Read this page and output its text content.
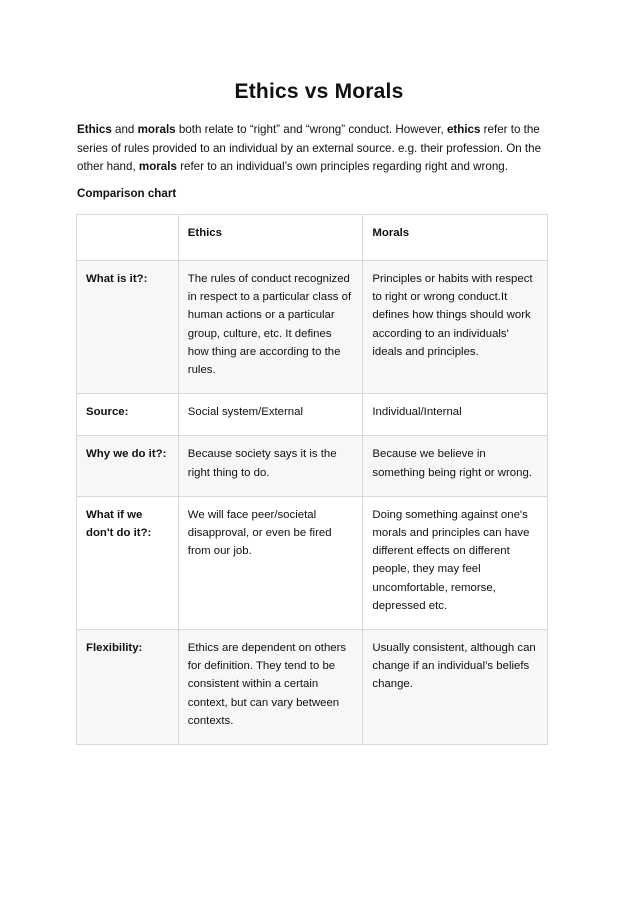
Ethics vs Morals
Ethics and morals both relate to “right” and “wrong” conduct. However, ethics refer to the series of rules provided to an individual by an external source. e.g. their profession. On the other hand, morals refer to an individual’s own principles regarding right and wrong.
Comparison chart
	Ethics	Morals
What is it?:	The rules of conduct recognized in respect to a particular class of human actions or a particular group, culture, etc. It defines how thing are according to the rules.	Principles or habits with respect to right or wrong conduct.It defines how things should work according to an individuals' ideals and principles.
Source:	Social system/External	Individual/Internal
Why we do it?:	Because society says it is the right thing to do.	Because we believe in something being right or wrong.
What if we don't do it?:	We will face peer/societal disapproval, or even be fired from our job.	Doing something against one's morals and principles can have different effects on different people, they may feel uncomfortable, remorse, depressed etc.
Flexibility:	Ethics are dependent on others for definition. They tend to be consistent within a certain context, but can vary between contexts.	Usually consistent, although can change if an individual’s beliefs change.
